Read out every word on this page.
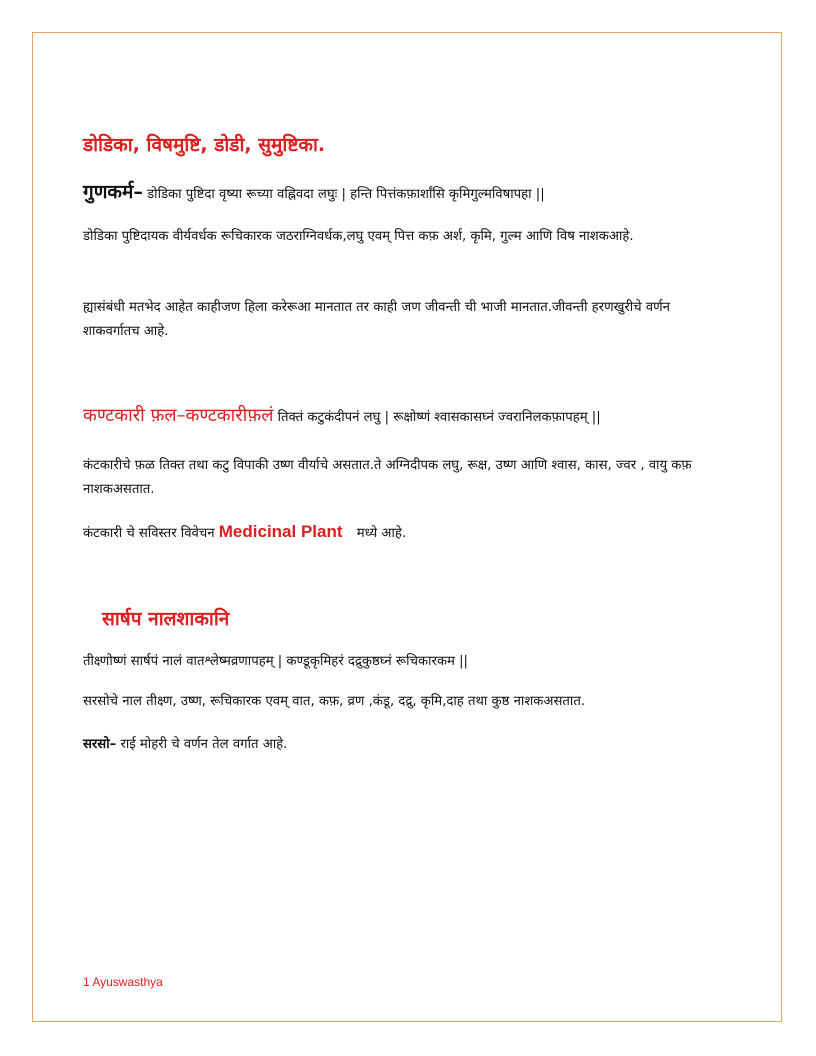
डोडिका, विषमुष्टि, डोडी, सुमुष्टिका.
गुणकर्म– डोडिका पुष्टिदा वृष्या रूच्या वह्निवदा लघुः | हन्ति पित्तंकफ़ार्शांसि कृमिगुल्मविषापहा ||
डोडिका पुष्टिदायक वीर्यवर्धक रूचिकारक जठराग्निवर्धक,लघु एवम् पित्त कफ़ अर्श, कृमि, गुल्म आणि विष नाशकआहे.
ह्यासंबंधी मतभेद आहेत काहीजण हिला करेरूआ मानतात तर काही जण जीवन्ती ची भाजी मानतात.जीवन्ती हरणखुरीचे वर्णन शाकवर्गातच आहे.
कण्टकारी फ़ल–कण्टकारीफ़लं तिक्तं कटुकंदीपनं लघु | रूक्षोष्णं श्वासकासघ्नं ज्वरानिलकफ़ापहम् ||
कंटकारीचे फ़ळ तिक्त तथा कटु विपाकी उष्ण वीर्याचे असतात.ते अग्निदीपक लघु, रूक्ष, उष्ण आणि श्वास, कास, ज्वर , वायु कफ़ नाशकअसतात.
कंटकारी चे सविस्तर विवेचन Medicinal Plant मध्ये आहे.
सार्षप नालशाकानि
तीक्ष्णोष्णं सार्षपं नालं वातश्लेष्मव्रणापहम् | कण्डूकृमिहरं दद्रुकुष्ठघ्नं रूचिकारकम ||
सरसोचे नाल तीक्ष्ण, उष्ण, रूचिकारक एवम् वात, कफ़, व्रण ,कंडू, दद्रु, कृमि,दाह तथा कुष्ठ नाशकअसतात.
सरसो– राई मोहरी चे वर्णन तेल वर्गात आहे.
1 Ayuswasthya
